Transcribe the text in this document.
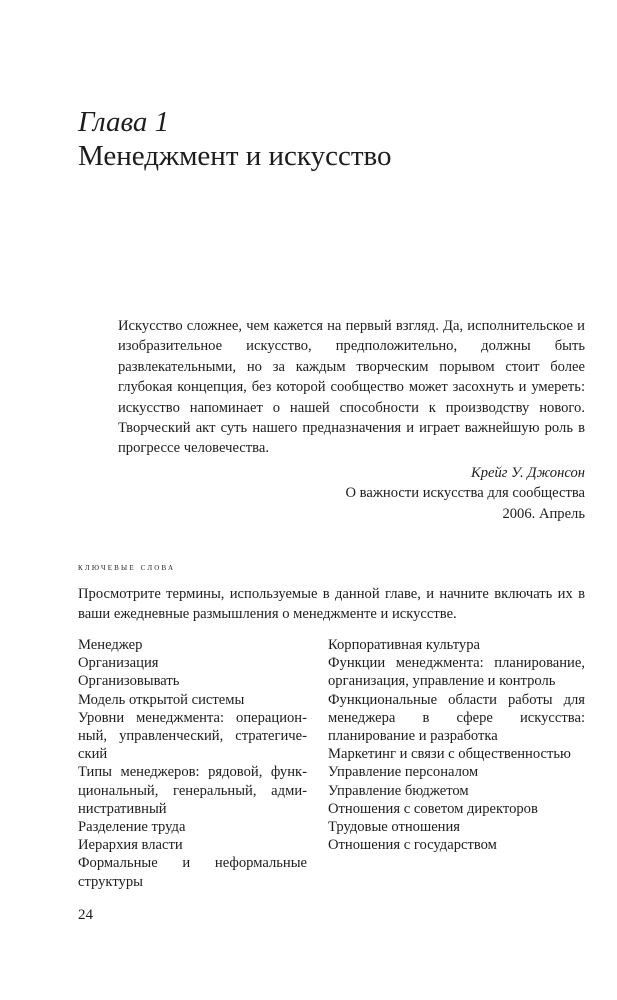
Глава 1
Менеджмент и искусство

Искусство сложнее, чем кажется на первый взгляд. Да, исполнительское и изобразительное искусство, предположительно, должны быть развлекательными, но за каждым творческим порывом стоит более глубокая концепция, без которой сообщество может засохнуть и умереть: искусство напоминает о нашей способности к производству нового. Творческий акт суть нашего предназначения и играет важнейшую роль в прогрессе человечества.

Крейг У. Джонсон
О важности искусства для сообщества
2006. Апрель
ключевые слова

Просмотрите термины, используемые в данной главе, и начните включать их в ваши ежедневные размышления о менеджменте и искусстве.

Менеджер
Организация
Организовывать
Модель открытой системы
Уровни менеджмента: операционный, управленческий, стратегический
Типы менеджеров: рядовой, функциональный, генеральный, административный
Разделение труда
Иерархия власти
Формальные и неформальные структуры
Корпоративная культура
Функции менеджмента: планирование, организация, управление и контроль
Функциональные области работы для менеджера в сфере искусства: планирование и разработка
Маркетинг и связи с общественностью
Управление персоналом
Управление бюджетом
Отношения с советом директоров
Трудовые отношения
Отношения с государством
24
